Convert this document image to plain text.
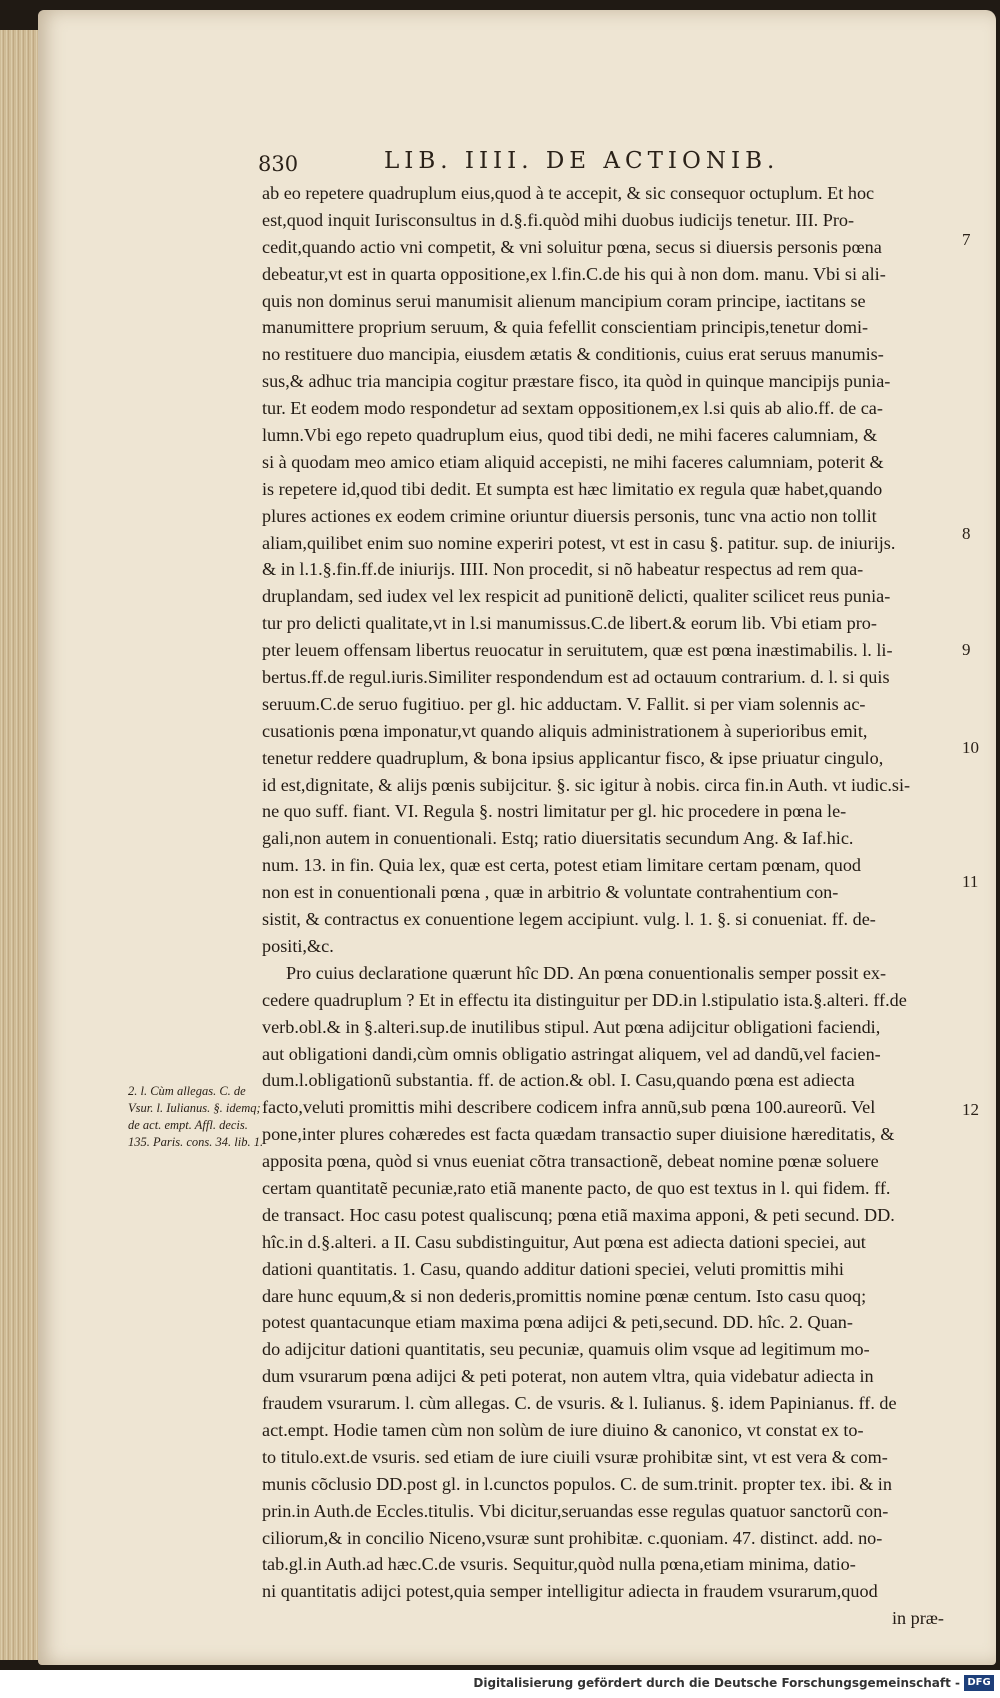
830	LIB. IIII. DE ACTIONIB.
ab eo repetere quadruplum eius,quod à te accepit, & sic consequor octuplum. Et hoc
est,quod inquit Iurisconsultus in d.§.fi.quòd mihi duobus iudicijs tenetur. III. Pro-
cedit,quando actio vni competit, & vni soluitur pœna, secus si diuersis personis pœna
debeatur,vt est in quarta oppositione,ex l.fin.C.de his qui à non dom. manu. Vbi si ali-
quis non dominus serui manumisit alienum mancipium coram principe, iactitans se
manumittere proprium seruum, & quia fefellit conscientiam principis,tenetur domi-
no restituere duo mancipia, eiusdem ætatis & conditionis, cuius erat seruus manumis-
sus,& adhuc tria mancipia cogitur præstare fisco, ita quòd in quinque mancipijs punia-
tur. Et eodem modo respondetur ad sextam oppositionem,ex l.si quis ab alio.ff. de ca-
lumn.Vbi ego repeto quadruplum eius, quod tibi dedi, ne mihi faceres calumniam, &
si à quodam meo amico etiam aliquid accepisti, ne mihi faceres calumniam, poterit &
is repetere id,quod tibi dedit. Et sumpta est hæc limitatio ex regula quæ habet,quando
plures actiones ex eodem crimine oriuntur diuersis personis, tunc vna actio non tollit
aliam,quilibet enim suo nomine experiri potest, vt est in casu §. patitur. sup. de iniurijs.
& in l.1.§.fin.ff.de iniurijs. IIII. Non procedit, si nõ habeatur respectus ad rem qua-
druplandam, sed iudex vel lex respicit ad punitionẽ delicti, qualiter scilicet reus punia-
tur pro delicti qualitate,vt in l.si manumissus.C.de libert.& eorum lib. Vbi etiam pro-
pter leuem offensam libertus reuocatur in seruitutem, quæ est pœna inæstimabilis. l. li-
bertus.ff.de regul.iuris.Similiter respondendum est ad octauum contrarium. d. l. si quis
seruum.C.de seruo fugitiuo. per gl. hic adductam. V. Fallit. si per viam solennis ac-
cusationis pœna imponatur,vt quando aliquis administrationem à superioribus emit,
tenetur reddere quadruplum, & bona ipsius applicantur fisco, & ipse priuatur cingulo,
id est,dignitate, & alijs pœnis subijcitur. §. sic igitur à nobis. circa fin.in Auth. vt iudic.si-
ne quo suff. fiant. VI. Regula §. nostri limitatur per gl. hic procedere in pœna le-
gali,non autem in conuentionali. Estq; ratio diuersitatis secundum Ang. & Iaf.hic.
num. 13. in fin. Quia lex, quæ est certa, potest etiam limitare certam pœnam, quod
non est in conuentionali pœna , quæ in arbitrio & voluntate contrahentium con-
sistit, & contractus ex conuentione legem accipiunt. vulg. l. 1. §. si conueniat. ff. de-
positi,&c.
Pro cuius declaratione quærunt hîc DD. An pœna conuentionalis semper possit ex-
cedere quadruplum ? Et in effectu ita distinguitur per DD.in l.stipulatio ista.§.alteri. ff.de
verb.obl.& in §.alteri.sup.de inutilibus stipul. Aut pœna adijcitur obligationi faciendi,
aut obligationi dandi,cùm omnis obligatio astringat aliquem, vel ad dandũ,vel facien-
dum.l.obligationũ substantia. ff. de action.& obl. I. Casu,quando pœna est adiecta
facto,veluti promittis mihi describere codicem infra annũ,sub pœna 100.aureorũ. Vel
pone,inter plures cohæredes est facta quædam transactio super diuisione hæreditatis, &
apposita pœna, quòd si vnus eueniat cõtra transactionẽ, debeat nomine pœnæ soluere
certam quantitatẽ pecuniæ,rato etiã manente pacto, de quo est textus in l. qui fidem. ff.
de transact. Hoc casu potest qualiscunq; pœna etiã maxima apponi, & peti secund. DD.
hîc.in d.§.alteri. a II. Casu subdistinguitur, Aut pœna est adiecta dationi speciei, aut
dationi quantitatis. 1. Casu, quando additur dationi speciei, veluti promittis mihi
dare hunc equum,& si non dederis,promittis nomine pœnæ centum. Isto casu quoq;
potest quantacunque etiam maxima pœna adijci & peti,secund. DD. hîc. 2. Quan-
do adijcitur dationi quantitatis, seu pecuniæ, quamuis olim vsque ad legitimum mo-
dum vsurarum pœna adijci & peti poterat, non autem vltra, quia videbatur adiecta in
fraudem vsurarum. l. cùm allegas. C. de vsuris. & l. Iulianus. §. idem Papinianus. ff. de
act.empt. Hodie tamen cùm non solùm de iure diuino & canonico, vt constat ex to-
to titulo.ext.de vsuris. sed etiam de iure ciuili vsuræ prohibitæ sint, vt est vera & com-
munis cõclusio DD.post gl. in l.cunctos populos. C. de sum.trinit. propter tex. ibi. & in
prin.in Auth.de Eccles.titulis. Vbi dicitur,seruandas esse regulas quatuor sanctorũ con-
ciliorum,& in concilio Niceno,vsuræ sunt prohibitæ. c.quoniam. 47. distinct. add. no-
tab.gl.in Auth.ad hæc.C.de vsuris. Sequitur,quòd nulla pœna,etiam minima, datio-
ni quantitatis adijci potest,quia semper intelligitur adiecta in fraudem vsurarum,quod
in præ-
7
8
9
10
11
12
2. l. Cùm allegas. C. de Vsur. l. Iulianus. §. idemq; de act. empt. Affl. decis. 135. Paris. cons. 34. lib. 1.
Digitalisierung gefördert durch die Deutsche Forschungsgemeinschaft - DFG
